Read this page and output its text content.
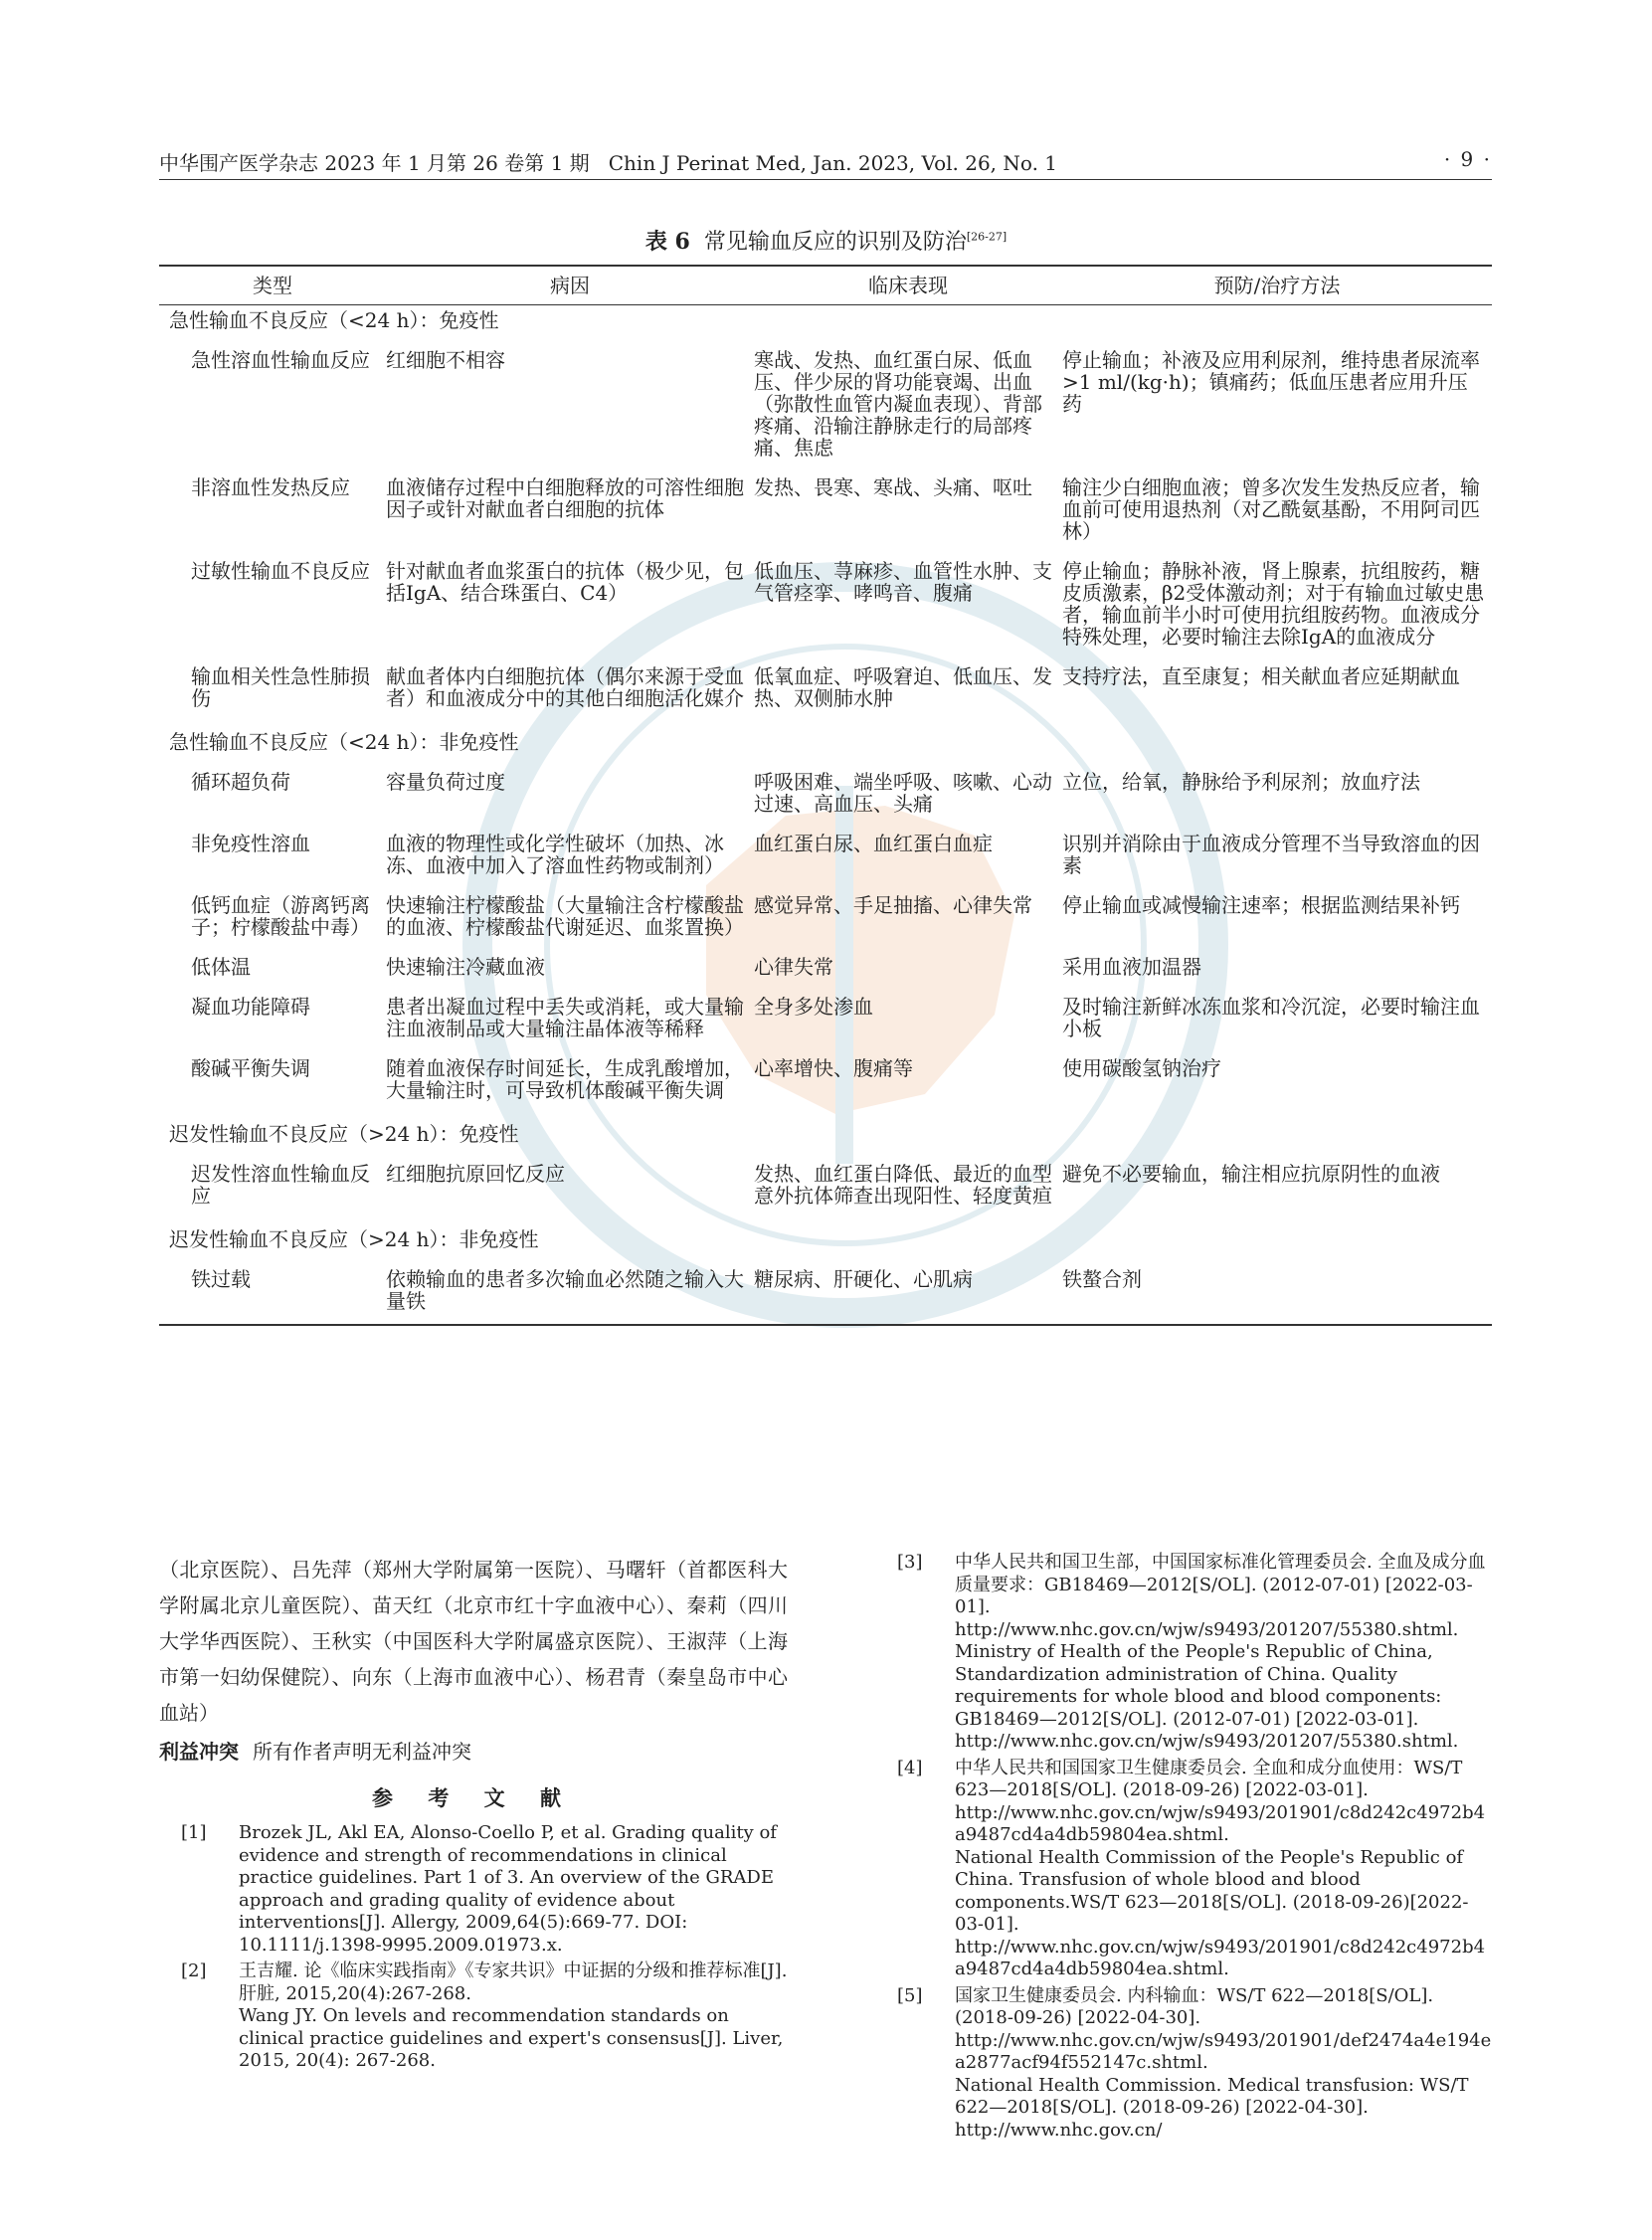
中华围产医学杂志 2023 年 1 月第 26 卷第 1 期 Chin J Perinat Med, Jan. 2023, Vol. 26, No. 1	· 9 ·
表 6 常见输血反应的识别及防治[26-27]
类型	病因	临床表现	预防/治疗方法
急性输血不良反应（<24 h）：免疫性			
急性溶血性输血反应	红细胞不相容	寒战、发热、血红蛋白尿、低血压、伴少尿的肾功能衰竭、出血（弥散性血管内凝血表现）、背部疼痛、沿输注静脉走行的局部疼痛、焦虑	停止输血；补液及应用利尿剂，维持患者尿流率>1 ml/(kg·h)；镇痛药；低血压患者应用升压药
非溶血性发热反应	血液储存过程中白细胞释放的可溶性细胞因子或针对献血者白细胞的抗体	发热、畏寒、寒战、头痛、呕吐	输注少白细胞血液；曾多次发生发热反应者，输血前可使用退热剂（对乙酰氨基酚，不用阿司匹林）
过敏性输血不良反应	针对献血者血浆蛋白的抗体（极少见，包括IgA、结合珠蛋白、C4）	低血压、荨麻疹、血管性水肿、支气管痉挛、哮鸣音、腹痛	停止输血；静脉补液，肾上腺素，抗组胺药，糖皮质激素，β2受体激动剂；对于有输血过敏史患者，输血前半小时可使用抗组胺药物。血液成分特殊处理，必要时输注去除IgA的血液成分
输血相关性急性肺损伤	献血者体内白细胞抗体（偶尔来源于受血者）和血液成分中的其他白细胞活化媒介	低氧血症、呼吸窘迫、低血压、发热、双侧肺水肿	支持疗法，直至康复；相关献血者应延期献血
急性输血不良反应（<24 h）：非免疫性			
循环超负荷	容量负荷过度	呼吸困难、端坐呼吸、咳嗽、心动过速、高血压、头痛	立位，给氧，静脉给予利尿剂；放血疗法
非免疫性溶血	血液的物理性或化学性破坏（加热、冰冻、血液中加入了溶血性药物或制剂）	血红蛋白尿、血红蛋白血症	识别并消除由于血液成分管理不当导致溶血的因素
低钙血症（游离钙离子；柠檬酸盐中毒）	快速输注柠檬酸盐（大量输注含柠檬酸盐的血液、柠檬酸盐代谢延迟、血浆置换）	感觉异常、手足抽搐、心律失常	停止输血或减慢输注速率；根据监测结果补钙
低体温	快速输注冷藏血液	心律失常	采用血液加温器
凝血功能障碍	患者出凝血过程中丢失或消耗，或大量输注血液制品或大量输注晶体液等稀释	全身多处渗血	及时输注新鲜冰冻血浆和冷沉淀，必要时输注血小板
酸碱平衡失调	随着血液保存时间延长，生成乳酸增加，大量输注时，可导致机体酸碱平衡失调	心率增快、腹痛等	使用碳酸氢钠治疗
迟发性输血不良反应（>24 h）：免疫性			
迟发性溶血性输血反应	红细胞抗原回忆反应	发热、血红蛋白降低、最近的血型意外抗体筛查出现阳性、轻度黄疸	避免不必要输血，输注相应抗原阴性的血液
迟发性输血不良反应（>24 h）：非免疫性			
铁过载	依赖输血的患者多次输血必然随之输入大量铁	糖尿病、肝硬化、心肌病	铁螯合剂
（北京医院）、吕先萍（郑州大学附属第一医院）、马曙轩（首都医科大学附属北京儿童医院）、苗天红（北京市红十字血液中心）、秦莉（四川大学华西医院）、王秋实（中国医科大学附属盛京医院）、王淑萍（上海市第一妇幼保健院）、向东（上海市血液中心）、杨君青（秦皇岛市中心血站）
利益冲突 所有作者声明无利益冲突
参 考 文 献
[1] Brozek JL, Akl EA, Alonso-Coello P, et al. Grading quality of evidence and strength of recommendations in clinical practice guidelines. Part 1 of 3. An overview of the GRADE approach and grading quality of evidence about interventions[J]. Allergy, 2009,64(5):669-77. DOI: 10.1111/j.1398-9995.2009.01973.x.
[2] 王吉耀. 论《临床实践指南》《专家共识》中证据的分级和推荐标准[J]. 肝脏, 2015,20(4):267-268.
Wang JY. On levels and recommendation standards on clinical practice guidelines and expert's consensus[J]. Liver, 2015, 20(4): 267-268.
[3] 中华人民共和国卫生部，中国国家标准化管理委员会. 全血及成分血质量要求：GB18469—2012[S/OL]. (2012-07-01) [2022-03-01]. http://www.nhc.gov.cn/wjw/s9493/201207/55380.shtml.
Ministry of Health of the People's Republic of China, Standardization administration of China. Quality requirements for whole blood and blood components: GB18469—2012[S/OL]. (2012-07-01) [2022-03-01]. http://www.nhc.gov.cn/wjw/s9493/201207/55380.shtml.
[4] 中华人民共和国国家卫生健康委员会. 全血和成分血使用：WS/T 623—2018[S/OL]. (2018-09-26) [2022-03-01]. http://www.nhc.gov.cn/wjw/s9493/201901/c8d242c4972b4a9487cd4a4db59804ea.shtml.
National Health Commission of the People's Republic of China. Transfusion of whole blood and blood components.WS/T 623—2018[S/OL]. (2018-09-26)[2022-03-01]. http://www.nhc.gov.cn/wjw/s9493/201901/c8d242c4972b4a9487cd4a4db59804ea.shtml.
[5] 国家卫生健康委员会. 内科输血：WS/T 622—2018[S/OL]. (2018-09-26) [2022-04-30]. http://www.nhc.gov.cn/wjw/s9493/201901/def2474a4e194ea2877acf94f552147c.shtml.
National Health Commission. Medical transfusion: WS/T 622—2018[S/OL]. (2018-09-26) [2022-04-30]. http://www.nhc.gov.cn/
